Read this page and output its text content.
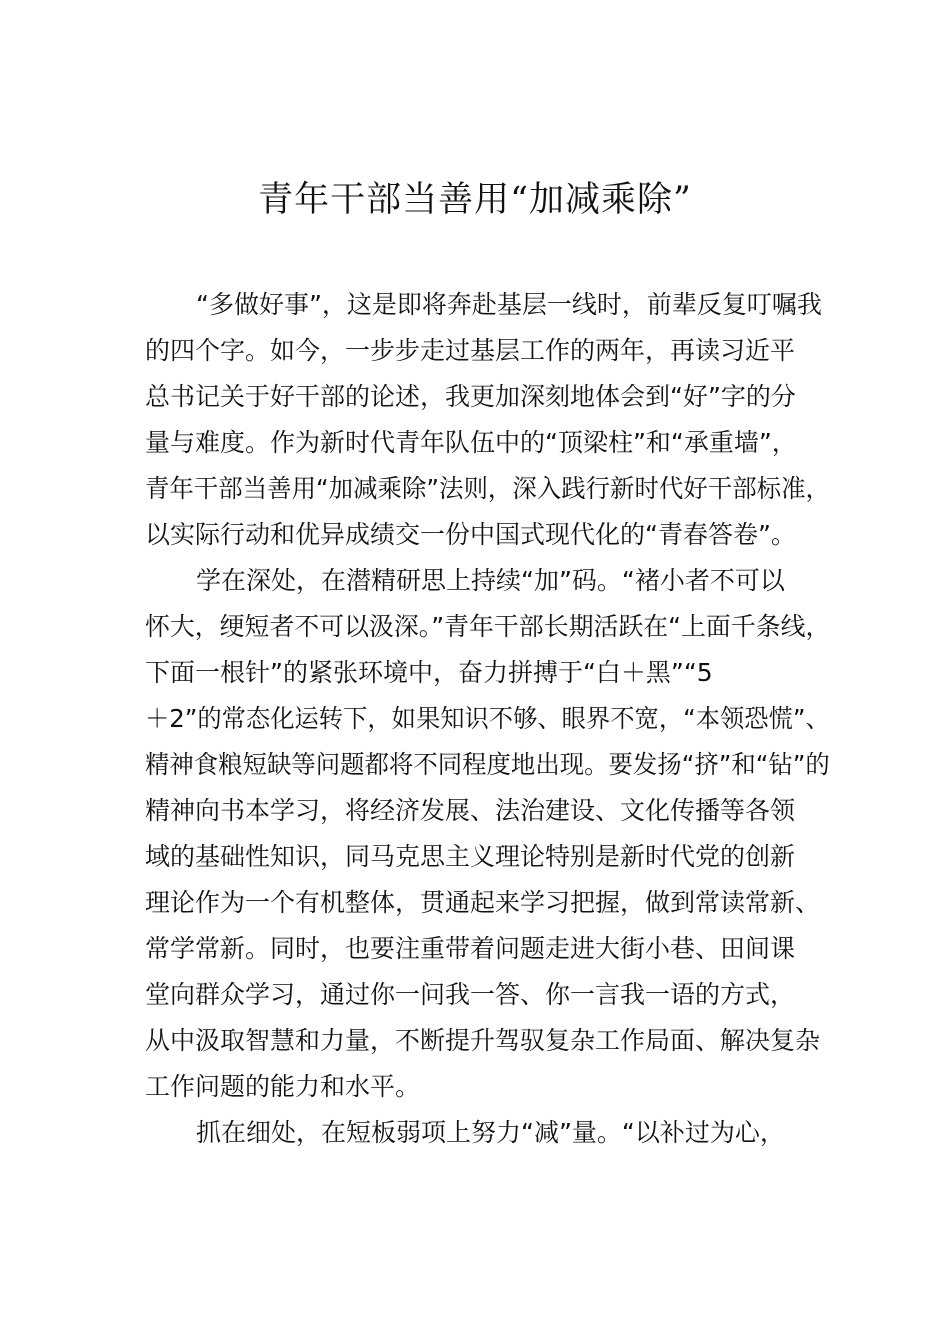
青年干部当善用“加减乘除”
“多做好事”，这是即将奔赴基层一线时，前辈反复叮嘱我
的四个字。如今，一步步走过基层工作的两年，再读习近平
总书记关于好干部的论述，我更加深刻地体会到“好”字的分
量与难度。作为新时代青年队伍中的“顶梁柱”和“承重墙”，
青年干部当善用“加减乘除”法则，深入践行新时代好干部标准，
以实际行动和优异成绩交一份中国式现代化的“青春答卷”。
学在深处，在潜精研思上持续“加”码。“褚小者不可以
怀大，绠短者不可以汲深。”青年干部长期活跃在“上面千条线，
下面一根针”的紧张环境中，奋力拼搏于“白＋黑”“5
＋2”的常态化运转下，如果知识不够、眼界不宽，“本领恐慌”、
精神食粮短缺等问题都将不同程度地出现。要发扬“挤”和“钻”的
精神向书本学习，将经济发展、法治建设、文化传播等各领
域的基础性知识，同马克思主义理论特别是新时代党的创新
理论作为一个有机整体，贯通起来学习把握，做到常读常新、
常学常新。同时，也要注重带着问题走进大街小巷、田间课
堂向群众学习，通过你一问我一答、你一言我一语的方式，
从中汲取智慧和力量，不断提升驾驭复杂工作局面、解决复杂
工作问题的能力和水平。
抓在细处，在短板弱项上努力“减”量。“以补过为心，
